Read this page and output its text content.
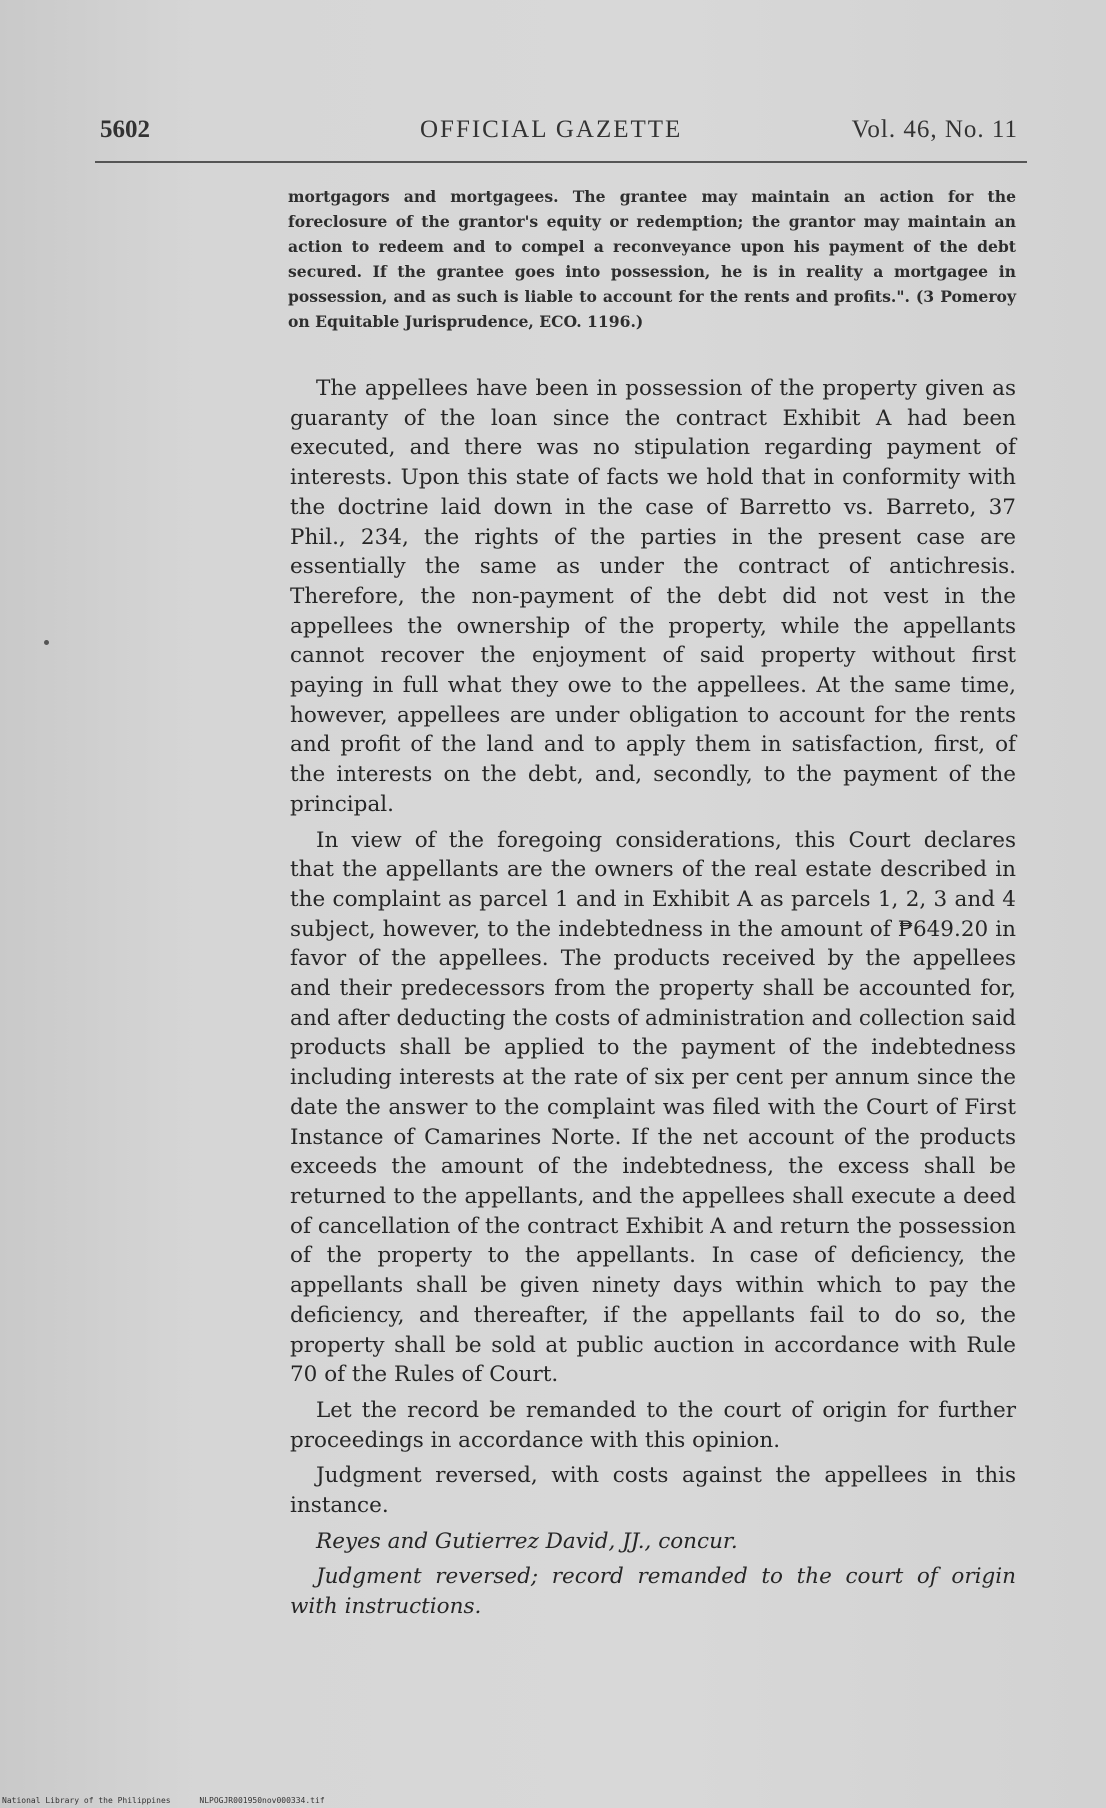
5602	OFFICIAL GAZETTE	Vol. 46, No. 11
mortgagors and mortgagees. The grantee may maintain an action for the foreclosure of the grantor's equity or redemption; the grantor may maintain an action to redeem and to compel a reconveyance upon his payment of the debt secured. If the grantee goes into possession, he is in reality a mortgagee in possession, and as such is liable to account for the rents and profits.". (3 Pomeroy on Equitable Jurisprudence, ECO. 1196.)

The appellees have been in possession of the property given as guaranty of the loan since the contract Exhibit A had been executed, and there was no stipulation regarding payment of interests. Upon this state of facts we hold that in conformity with the doctrine laid down in the case of Barretto vs. Barreto, 37 Phil., 234, the rights of the parties in the present case are essentially the same as under the contract of antichresis. Therefore, the non-payment of the debt did not vest in the appellees the ownership of the property, while the appellants cannot recover the enjoyment of said property without first paying in full what they owe to the appellees. At the same time, however, appellees are under obligation to account for the rents and profit of the land and to apply them in satisfaction, first, of the interests on the debt, and, secondly, to the payment of the principal.

In view of the foregoing considerations, this Court declares that the appellants are the owners of the real estate described in the complaint as parcel 1 and in Exhibit A as parcels 1, 2, 3 and 4 subject, however, to the indebtedness in the amount of ₱649.20 in favor of the appellees. The products received by the appellees and their predecessors from the property shall be accounted for, and after deducting the costs of administration and collection said products shall be applied to the payment of the indebtedness including interests at the rate of six per cent per annum since the date the answer to the complaint was filed with the Court of First Instance of Camarines Norte. If the net account of the products exceeds the amount of the indebtedness, the excess shall be returned to the appellants, and the appellees shall execute a deed of cancellation of the contract Exhibit A and return the possession of the property to the appellants. In case of deficiency, the appellants shall be given ninety days within which to pay the deficiency, and thereafter, if the appellants fail to do so, the property shall be sold at public auction in accordance with Rule 70 of the Rules of Court.

Let the record be remanded to the court of origin for further proceedings in accordance with this opinion.

Judgment reversed, with costs against the appellees in this instance.

Reyes and Gutierrez David, JJ., concur.

Judgment reversed; record remanded to the court of origin with instructions.

National Library of the Philippines	NLPOGJR001950nov000334.tif
